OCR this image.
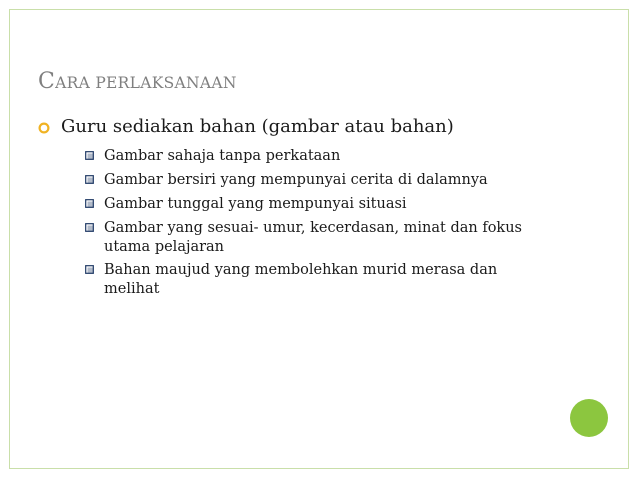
CARA PERLAKSANAAN
Guru sediakan bahan (gambar atau bahan)
Gambar sahaja tanpa perkataan
Gambar bersiri yang mempunyai cerita di dalamnya
Gambar tunggal yang mempunyai situasi
Gambar yang sesuai- umur, kecerdasan, minat dan fokus utama pelajaran
Bahan maujud yang membolehkan murid merasa dan melihat
